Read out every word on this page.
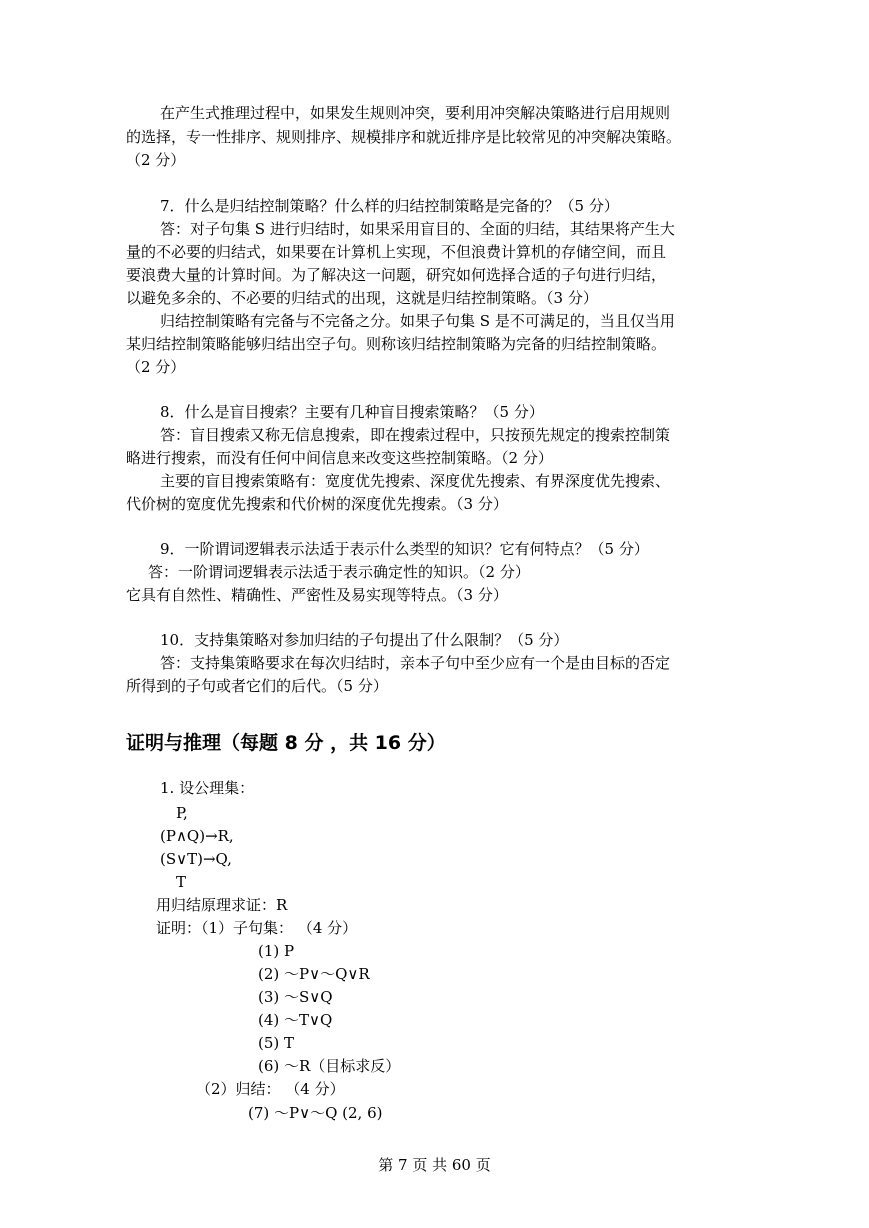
在产生式推理过程中，如果发生规则冲突，要利用冲突解决策略进行启用规则
的选择，专一性排序、规则排序、规模排序和就近排序是比较常见的冲突解决策略。
（2 分）
7．什么是归结控制策略？什么样的归结控制策略是完备的？（5 分）
答：对子句集 S 进行归结时，如果采用盲目的、全面的归结，其结果将产生大
量的不必要的归结式，如果要在计算机上实现，不但浪费计算机的存储空间，而且
要浪费大量的计算时间。为了解决这一问题，研究如何选择合适的子句进行归结，
以避免多余的、不必要的归结式的出现，这就是归结控制策略。（3 分）
归结控制策略有完备与不完备之分。如果子句集 S 是不可满足的，当且仅当用
某归结控制策略能够归结出空子句。则称该归结控制策略为完备的归结控制策略。
（2 分）
8．什么是盲目搜索？主要有几种盲目搜索策略？（5 分）
答：盲目搜索又称无信息搜索，即在搜索过程中，只按预先规定的搜索控制策
略进行搜索，而没有任何中间信息来改变这些控制策略。（2 分）
主要的盲目搜索策略有：宽度优先搜索、深度优先搜索、有界深度优先搜索、
代价树的宽度优先搜索和代价树的深度优先搜索。（3 分）
9．一阶谓词逻辑表示法适于表示什么类型的知识？它有何特点？（5 分）
答：一阶谓词逻辑表示法适于表示确定性的知识。（2 分）
它具有自然性、精确性、严密性及易实现等特点。（3 分）
10．支持集策略对参加归结的子句提出了什么限制？（5 分）
答：支持集策略要求在每次归结时，亲本子句中至少应有一个是由目标的否定
所得到的子句或者它们的后代。（5 分）
证明与推理（每题 8 分 ，共 16 分）
1. 设公理集：
P,
(P∧Q)→R,
(S∨T)→Q,
T
用归结原理求证：R
证明：（1）子句集： （4 分）
(1) P
(2) ～P∨～Q∨R
(3) ～S∨Q
(4) ～T∨Q
(5) T
(6) ～R（目标求反）
（2）归结： （4 分）
(7) ～P∨～Q (2, 6)
第 7 页 共 60 页
